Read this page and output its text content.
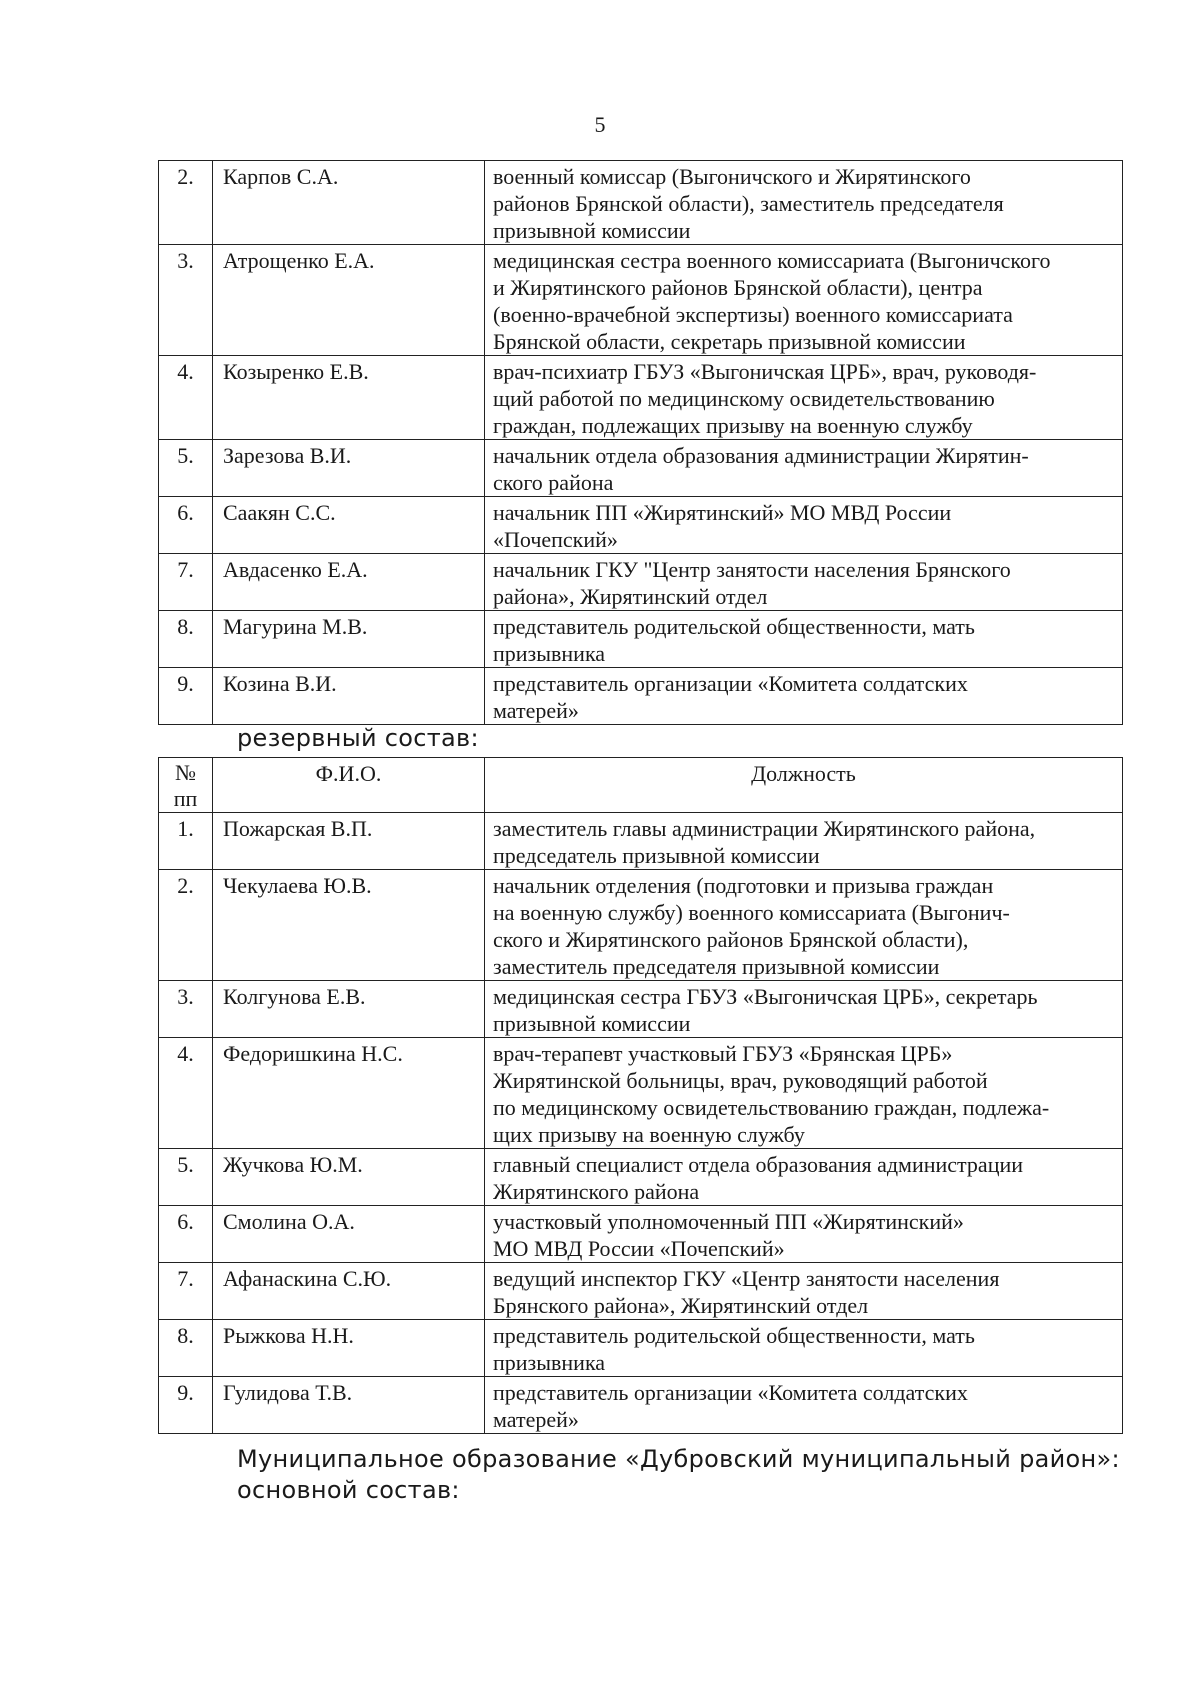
5
2.	Карпов С.А.	военный комиссар (Выгоничского и Жирятинского
районов Брянской области), заместитель председателя
призывной комиссии
3.	Атрощенко Е.А.	медицинская сестра военного комиссариата (Выгоничского
и Жирятинского районов Брянской области), центра
(военно-врачебной экспертизы) военного комиссариата
Брянской области, секретарь призывной комиссии
4.	Козыренко Е.В.	врач-психиатр ГБУЗ «Выгоничская ЦРБ», врач, руководя-
щий работой по медицинскому освидетельствованию
граждан, подлежащих призыву на военную службу
5.	Зарезова В.И.	начальник отдела образования администрации Жирятин-
ского района
6.	Саакян С.С.	начальник ПП «Жирятинский» МО МВД России
«Почепский»
7.	Авдасенко Е.А.	начальник ГКУ "Центр занятости населения Брянского
района», Жирятинский отдел
8.	Магурина М.В.	представитель родительской общественности, мать
призывника
9.	Козина В.И.	представитель организации «Комитета солдатских
матерей»
резервный состав:
№
пп	Ф.И.О.	Должность
1.	Пожарская В.П.	заместитель главы администрации Жирятинского района,
председатель призывной комиссии
2.	Чекулаева Ю.В.	начальник отделения (подготовки и призыва граждан
на военную службу) военного комиссариата (Выгонич-
ского и Жирятинского районов Брянской области),
заместитель председателя призывной комиссии
3.	Колгунова Е.В.	медицинская сестра ГБУЗ «Выгоничская ЦРБ», секретарь
призывной комиссии
4.	Федоришкина Н.С.	врач-терапевт участковый ГБУЗ «Брянская ЦРБ»
Жирятинской больницы, врач, руководящий работой
по медицинскому освидетельствованию граждан, подлежа-
щих призыву на военную службу
5.	Жучкова Ю.М.	главный специалист отдела образования администрации
Жирятинского района
6.	Смолина О.А.	участковый уполномоченный ПП «Жирятинский»
МО МВД России «Почепский»
7.	Афанаскина С.Ю.	ведущий инспектор ГКУ «Центр занятости населения
Брянского района», Жирятинский отдел
8.	Рыжкова Н.Н.	представитель родительской общественности, мать
призывника
9.	Гулидова Т.В.	представитель организации «Комитета солдатских
матерей»
Муниципальное образование «Дубровский муниципальный район»:
основной состав:
